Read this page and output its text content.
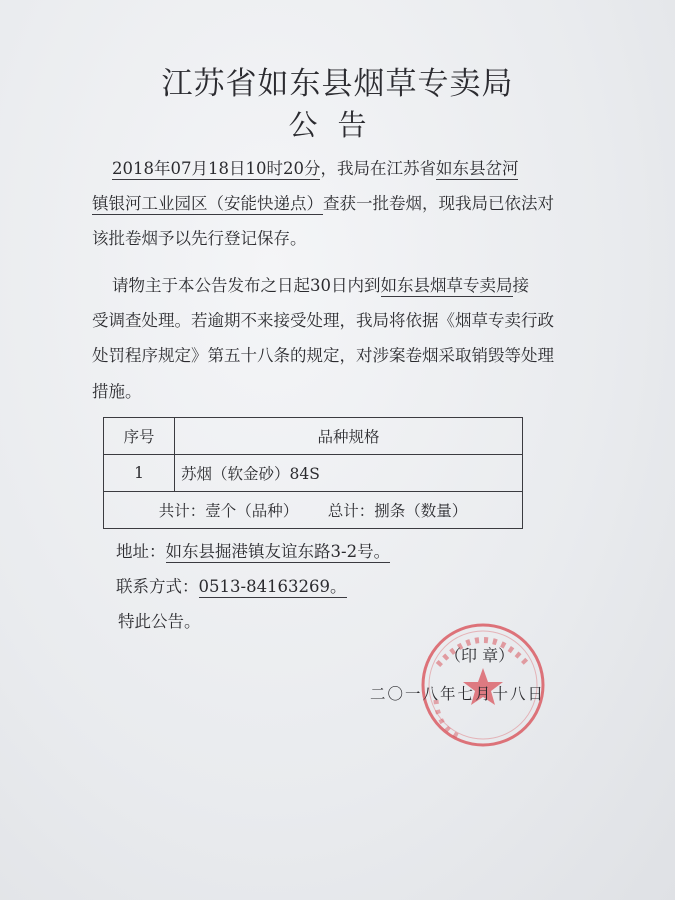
江苏省如东县烟草专卖局
公告
2018年07月18日10时20分，我局在江苏省如东县岔河
镇银河工业园区（安能快递点）查获一批卷烟，现我局已依法对
该批卷烟予以先行登记保存。
请物主于本公告发布之日起30日内到如东县烟草专卖局接
受调查处理。若逾期不来接受处理，我局将依据《烟草专卖行政
处罚程序规定》第五十八条的规定，对涉案卷烟采取销毁等处理
措施。
序号	品种规格
1	苏烟（软金砂）84S
共计：壹个（品种）      总计：捌条（数量）	
地址：如东县掘港镇友谊东路3-2号。
联系方式：0513-84163269。
特此公告。
（印 章）
二〇一八年七月十八日
